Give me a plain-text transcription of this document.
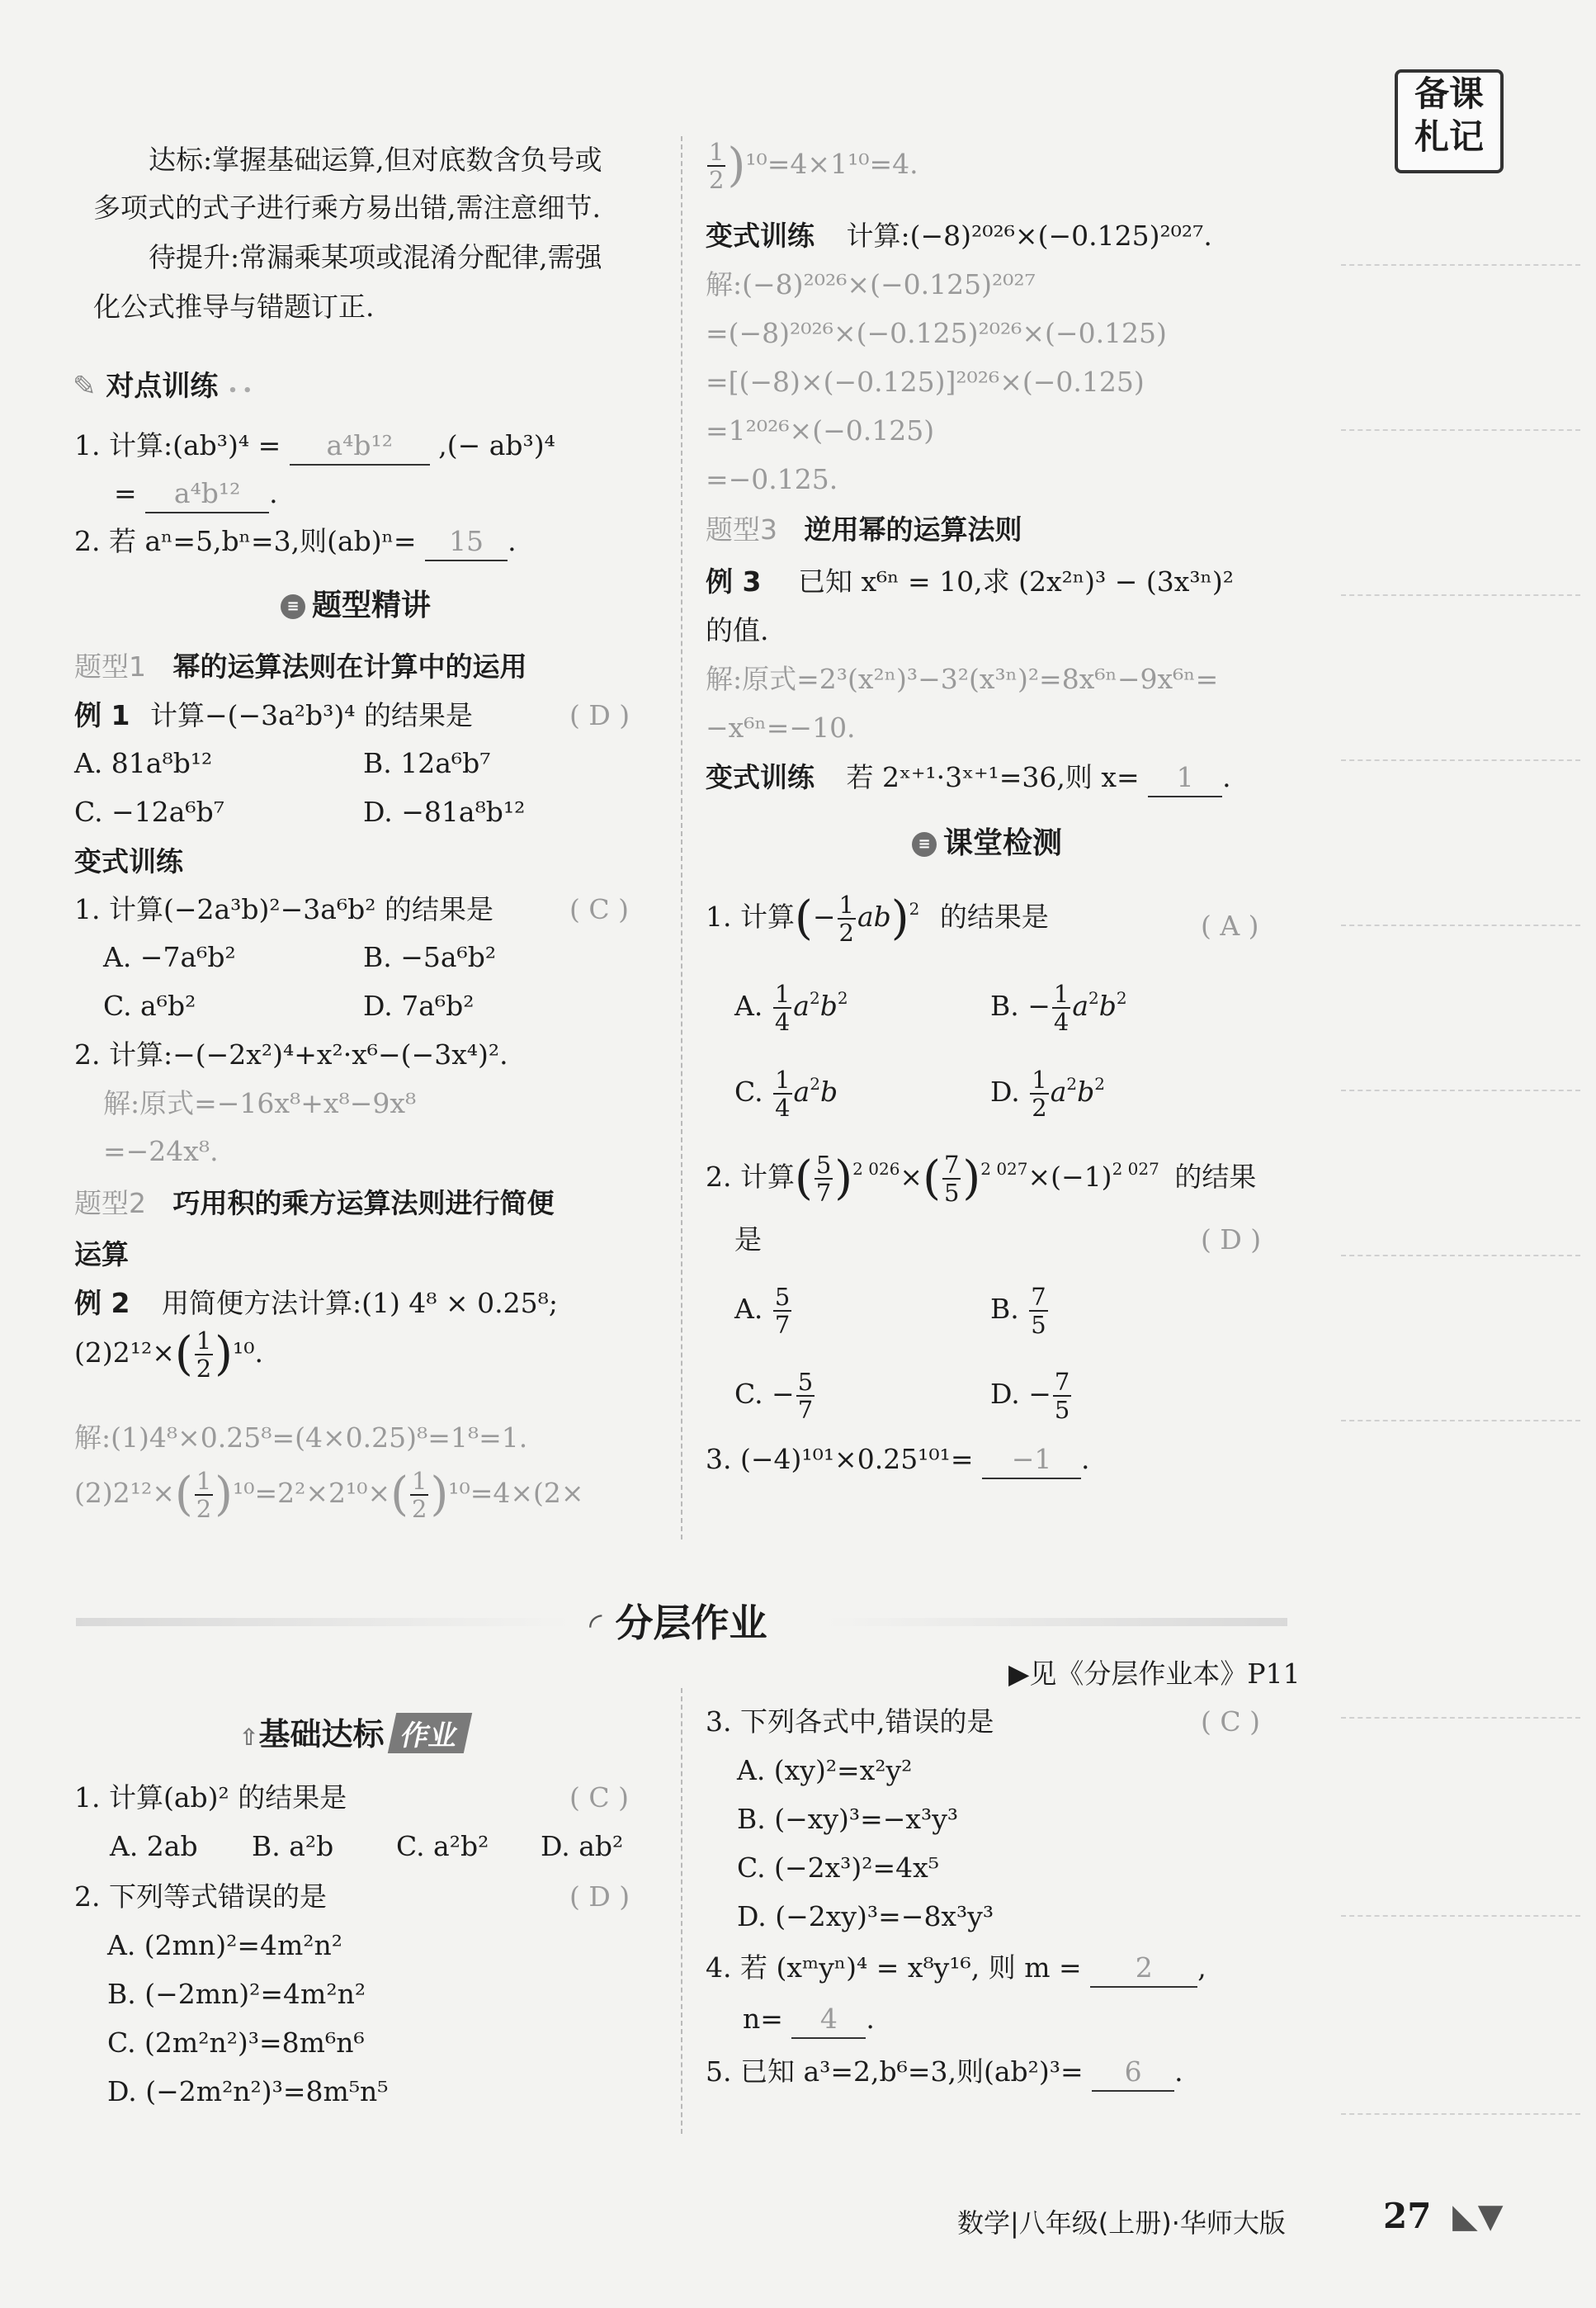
备课
札记
达标:掌握基础运算,但对底数含负号或
多项式的式子进行乘方易出错,需注意细节.
待提升:常漏乘某项或混淆分配律,需强
化公式推导与错题订正.
✎ 对点训练 • •
1. 计算:(ab³)⁴ = a⁴b¹² ,(− ab³)⁴
= a⁴b¹² .
2. 若 aⁿ=5,bⁿ=3,则(ab)ⁿ= 15 .
≡ 题型精讲
题型1 幂的运算法则在计算中的运用
例 1 计算−(−3a²b³)⁴ 的结果是	( D )
A. 81a⁸b¹²	B. 12a⁶b⁷
C. −12a⁶b⁷	D. −81a⁸b¹²
变式训练
1. 计算(−2a³b)²−3a⁶b² 的结果是	( C )
A. −7a⁶b²	B. −5a⁶b²
C. a⁶b²	D. 7a⁶b²
2. 计算:−(−2x²)⁴+x²·x⁶−(−3x⁴)².
解:原式=−16x⁸+x⁸−9x⁸
=−24x⁸.
题型2 巧用积的乘方运算法则进行简便
运算
例 2 用简便方法计算:(1) 4⁸ × 0.25⁸;
$(2)2^{12}\times( \frac{1}{2} )^{10}$.
解:(1)4⁸×0.25⁸=(4×0.25)⁸=1⁸=1.
$(2)2^{12}\times( \frac{1}{2} )^{10}=2^2\times 2^{10}\times( \frac{1}{2} )^{10}=4\times(2\times$
$\frac{1}{2} )^{10}=4\times 1^{10}=4$.
变式训练 计算:(−8)²⁰²⁶×(−0.125)²⁰²⁷.
解:(−8)²⁰²⁶×(−0.125)²⁰²⁷
=(−8)²⁰²⁶×(−0.125)²⁰²⁶×(−0.125)
=[(−8)×(−0.125)]²⁰²⁶×(−0.125)
=1²⁰²⁶×(−0.125)
=−0.125.
题型3 逆用幂的运算法则
例 3 已知 x⁶ⁿ = 10,求 (2x²ⁿ)³ − (3x³ⁿ)²
的值.
解:原式=2³(x²ⁿ)³−3²(x³ⁿ)²=8x⁶ⁿ−9x⁶ⁿ=
−x⁶ⁿ=−10.
变式训练 若 2ˣ⁺¹·3ˣ⁺¹=36,则 x= 1 .
≡ 课堂检测
1. 计算(− $\frac{1}{2} ab)^2$ 的结果是	( A )
A. $\frac{1}{4} a^2b^2$	B. − $\frac{1}{4} a^2b^2$
C. $\frac{1}{4} a^2b$	D. $\frac{1}{2} a^2b^2$
2. 计算( $\frac{5}{7} )^{2 026}\times( \frac{7}{5} )^{2 027}\times(-1)^{2 027}$ 的结果
是	( D )
A. $\frac{5}{7}$	B. $\frac{7}{5}$
C. − $\frac{5}{7}$	D. − $\frac{7}{5}$
3. (−4)¹⁰¹×0.25¹⁰¹= −1 .
◜ 分层作业
▶见《分层作业本》P11
⇧基础达标 作业
1. 计算(ab)² 的结果是	( C )
A. 2ab B. a²b C. a²b² D. ab²
2. 下列等式错误的是	( D )
A. (2mn)²=4m²n²
B. (−2mn)²=4m²n²
C. (2m²n²)³=8m⁶n⁶
D. (−2m²n²)³=8m⁵n⁵
3. 下列各式中,错误的是	( C )
A. (xy)²=x²y²
B. (−xy)³=−x³y³
C. (−2x³)²=4x⁵
D. (−2xy)³=−8x³y³
4. 若 (xᵐyⁿ)⁴ = x⁸y¹⁶, 则 m = 2 ,
n= 4 .
5. 已知 a³=2,b⁶=3,则(ab²)³= 6 .
数学|八年级(上册)·华师大版	27 ◣▼
